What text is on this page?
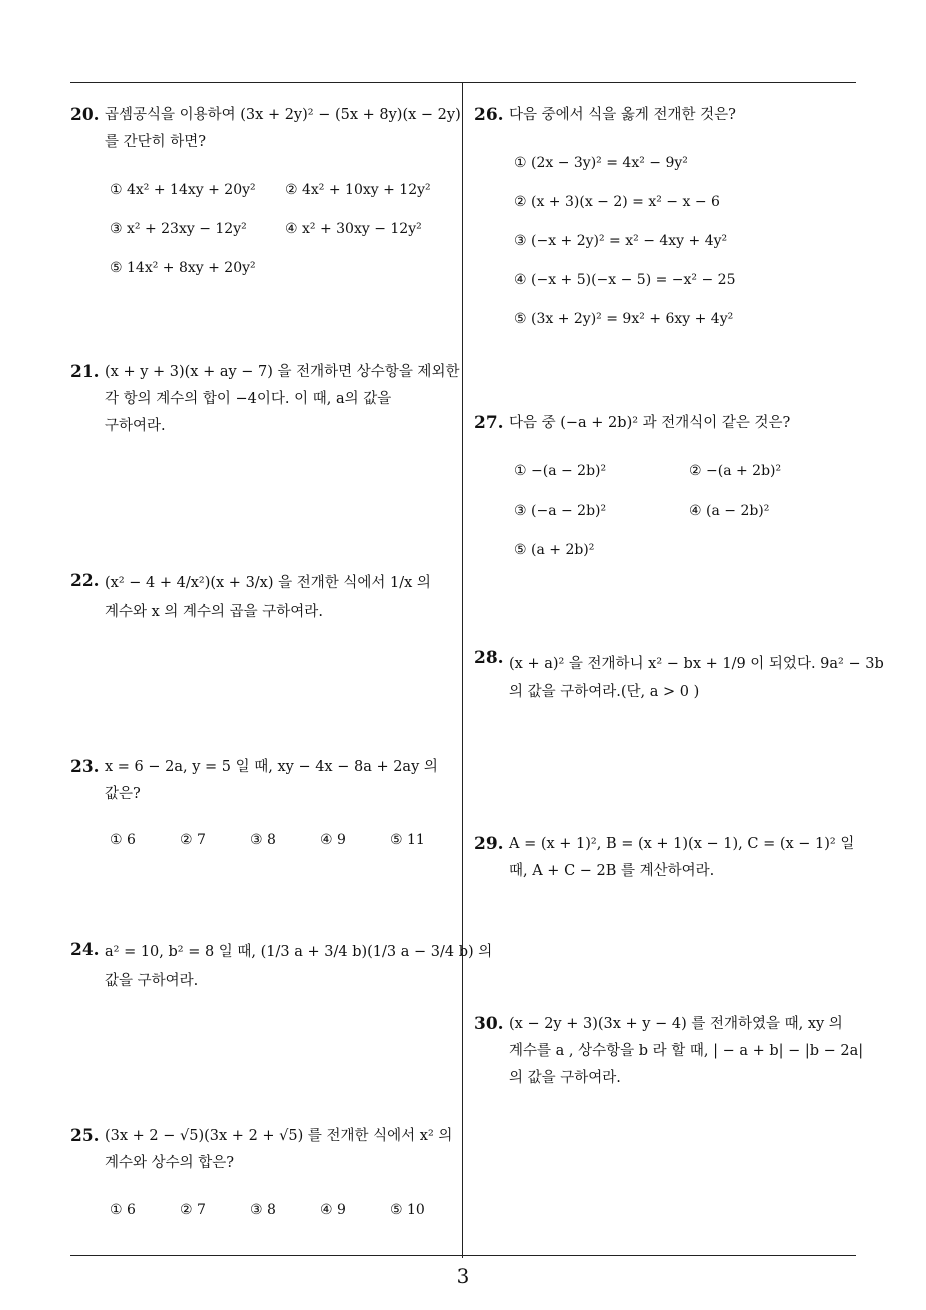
20. 곱셈공식을 이용하여 (3x + 2y)² − (5x + 8y)(x − 2y)
를 간단히 하면?
① 4x² + 14xy + 20y² ② 4x² + 10xy + 12y²
③ x² + 23xy − 12y²	④ x² + 30xy − 12y²
⑤ 14x² + 8xy + 20y²
21. (x + y + 3)(x + ay − 7) 을 전개하면 상수항을 제외한
각 항의 계수의 합이 −4이다. 이 때, a의 값을
구하여라.
22. (x² − 4 + 4/x²)(x + 3/x) 을 전개한 식에서 1/x 의
계수와 x 의 계수의 곱을 구하여라.
23. x = 6 − 2a, y = 5 일 때, xy − 4x − 8a + 2ay 의
값은?
① 6	② 7	③ 8	④ 9	⑤ 11
24. a² = 10, b² = 8 일 때, (1/3 a + 3/4 b)(1/3 a − 3/4 b) 의
값을 구하여라.
25. (3x + 2 − √5)(3x + 2 + √5) 를 전개한 식에서 x² 의
계수와 상수의 합은?
① 6	② 7	③ 8	④ 9	⑤ 10
26. 다음 중에서 식을 옳게 전개한 것은?
① (2x − 3y)² = 4x² − 9y²
② (x + 3)(x − 2) = x² − x − 6
③ (−x + 2y)² = x² − 4xy + 4y²
④ (−x + 5)(−x − 5) = −x² − 25
⑤ (3x + 2y)² = 9x² + 6xy + 4y²
27. 다음 중 (−a + 2b)² 과 전개식이 같은 것은?
① −(a − 2b)²	② −(a + 2b)²
③ (−a − 2b)²	④ (a − 2b)²
⑤ (a + 2b)²
28. (x + a)² 을 전개하니 x² − bx + 1/9 이 되었다. 9a² − 3b
의 값을 구하여라.(단, a > 0 )
29. A = (x + 1)², B = (x + 1)(x − 1), C = (x − 1)² 일
때, A + C − 2B 를 계산하여라.
30. (x − 2y + 3)(3x + y − 4) 를 전개하였을 때, xy 의
계수를 a , 상수항을 b 라 할 때, | − a + b| − |b − 2a|
의 값을 구하여라.
3
